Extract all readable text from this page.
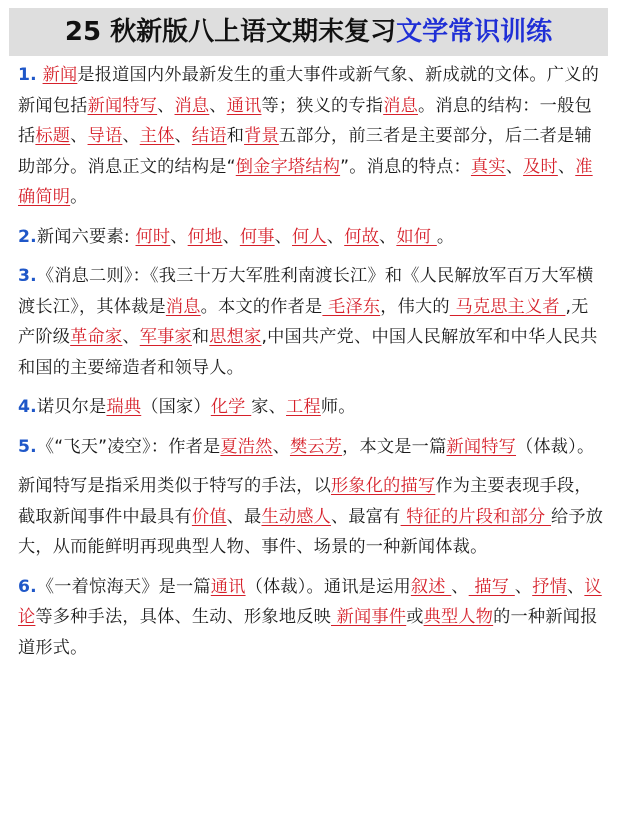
25 秋新版八上语文期末复习文学常识训练

1. 新闻是报道国内外最新发生的重大事件或新气象、新成就的文体。广义的新闻包括新闻特写、消息、通讯等；狭义的专指消息。消息的结构：一般包括标题、导语、主体、结语和背景五部分，前三者是主要部分，后二者是辅助部分。消息正文的结构是“倒金字塔结构”。消息的特点：真实、及时、准确简明。

2.新闻六要素: 何时、何地、何事、何人、何故、如何 。

3.《消息二则》：《我三十万大军胜利南渡长江》和《人民解放军百万大军横渡长江》，其体裁是消息。本文的作者是 毛泽东，伟大的 马克思主义者 ,无产阶级革命家、军事家和思想家,中国共产党、中国人民解放军和中华人民共和国的主要缔造者和领导人。

4.诺贝尔是瑞典（国家）化学 家、工程师。

5.《“飞天”凌空》：作者是夏浩然、樊云芳，本文是一篇新闻特写（体裁）。

新闻特写是指采用类似于特写的手法，以形象化的描写作为主要表现手段，截取新闻事件中最具有价值、最生动感人、最富有 特征的片段和部分 给予放大，从而能鲜明再现典型人物、事件、场景的一种新闻体裁。

6.《一着惊海天》是一篇通讯（体裁）。通讯是运用叙述 、 描写 、抒情、议论等多种手法，具体、生动、形象地反映 新闻事件或典型人物的一种新闻报道形式。
